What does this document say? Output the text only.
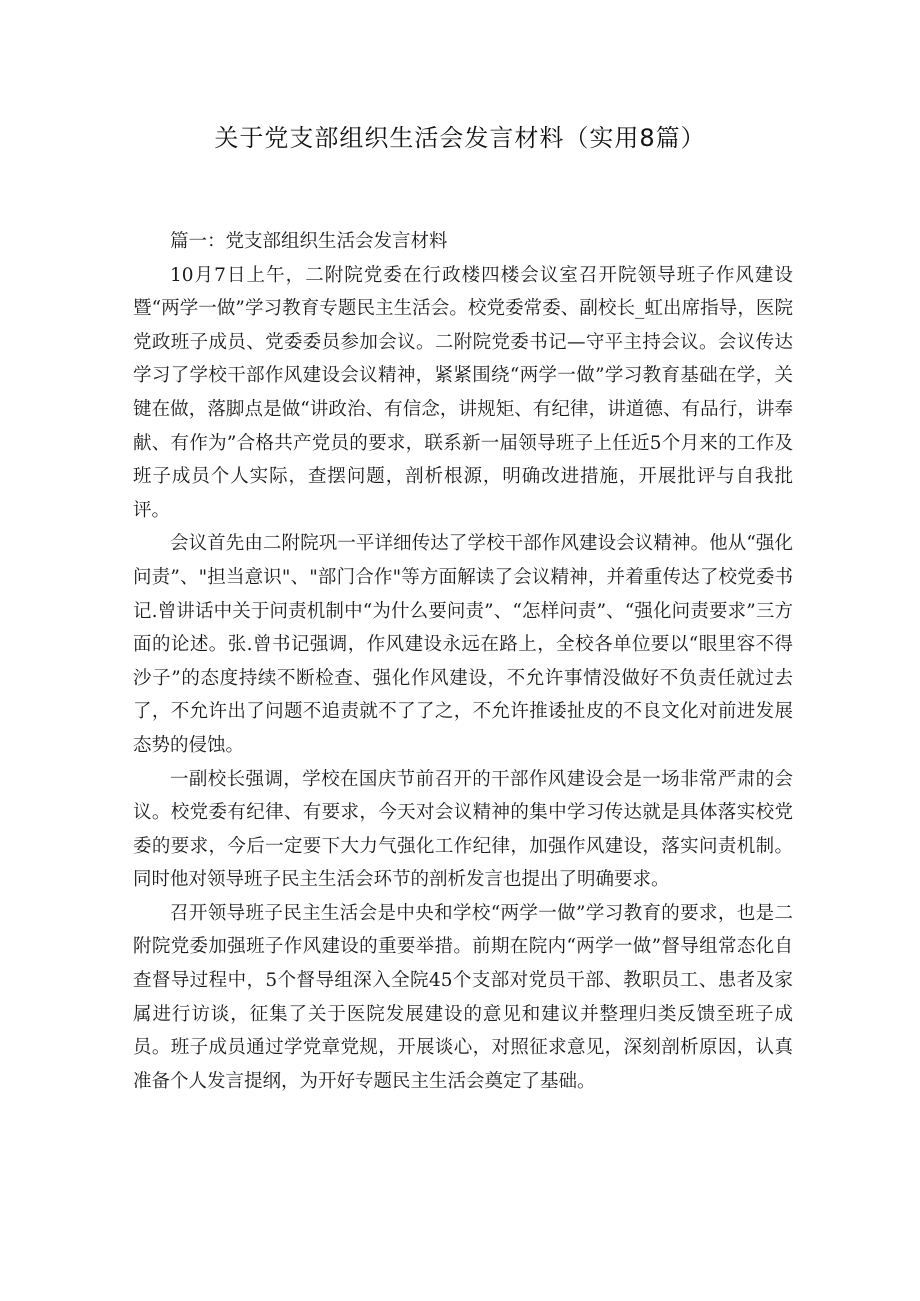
关于党支部组织生活会发言材料（实用8篇）

篇一：党支部组织生活会发言材料

10月7日上午，二附院党委在行政楼四楼会议室召开院领导班子作风建设暨“两学一做”学习教育专题民主生活会。校党委常委、副校长_虹出席指导，医院党政班子成员、党委委员参加会议。二附院党委书记—守平主持会议。会议传达学习了学校干部作风建设会议精神，紧紧围绕“两学一做”学习教育基础在学，关键在做，落脚点是做“讲政治、有信念，讲规矩、有纪律，讲道德、有品行，讲奉献、有作为”合格共产党员的要求，联系新一届领导班子上任近5个月来的工作及班子成员个人实际，查摆问题，剖析根源，明确改进措施，开展批评与自我批评。

会议首先由二附院巩一平详细传达了学校干部作风建设会议精神。他从“强化问责”、"担当意识"、"部门合作"等方面解读了会议精神，并着重传达了校党委书记.曾讲话中关于问责机制中“为什么要问责”、“怎样问责”、“强化问责要求”三方面的论述。张.曾书记强调，作风建设永远在路上，全校各单位要以“眼里容不得沙子”的态度持续不断检查、强化作风建设，不允许事情没做好不负责任就过去了，不允许出了问题不追责就不了了之，不允许推诿扯皮的不良文化对前进发展态势的侵蚀。

一副校长强调，学校在国庆节前召开的干部作风建设会是一场非常严肃的会议。校党委有纪律、有要求，今天对会议精神的集中学习传达就是具体落实校党委的要求，今后一定要下大力气强化工作纪律，加强作风建设，落实问责机制。同时他对领导班子民主生活会环节的剖析发言也提出了明确要求。

召开领导班子民主生活会是中央和学校“两学一做”学习教育的要求，也是二附院党委加强班子作风建设的重要举措。前期在院内“两学一做”督导组常态化自查督导过程中，5个督导组深入全院45个支部对党员干部、教职员工、患者及家属进行访谈，征集了关于医院发展建设的意见和建议并整理归类反馈至班子成员。班子成员通过学党章党规，开展谈心，对照征求意见，深刻剖析原因，认真准备个人发言提纲，为开好专题民主生活会奠定了基础。
